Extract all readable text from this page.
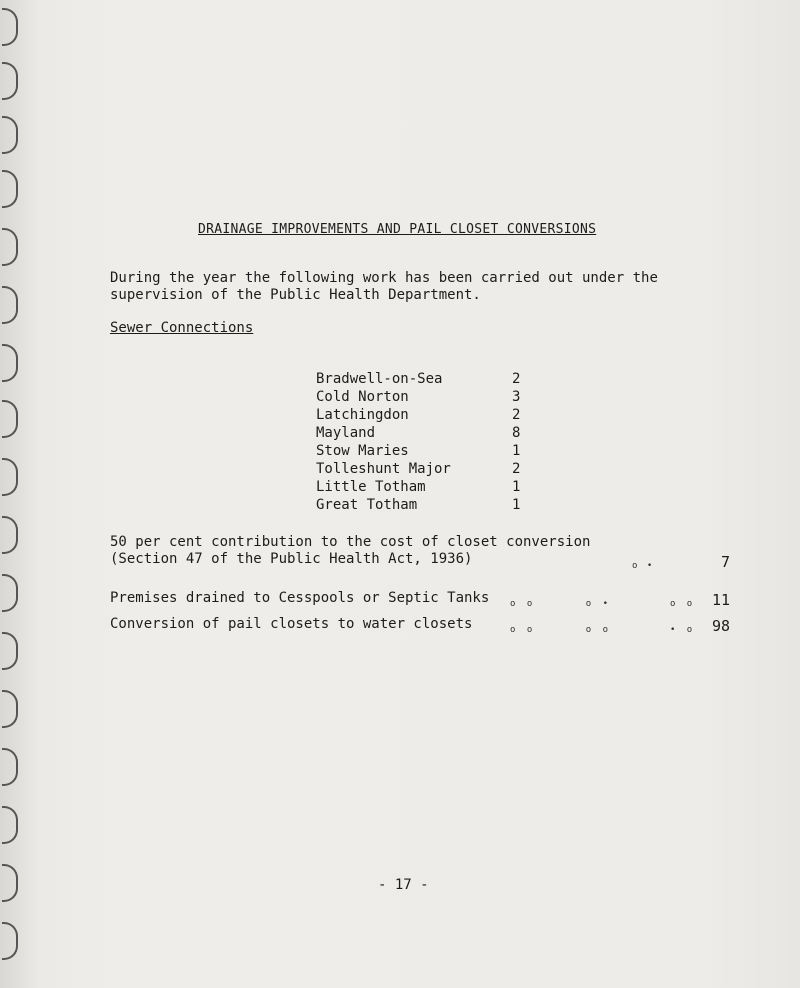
DRAINAGE IMPROVEMENTS AND PAIL CLOSET CONVERSIONS
During the year the following work has been carried out under the
supervision of the Public Health Department.
Sewer Connections
Bradwell-on-Sea	2
Cold Norton	3
Latchingdon	2
Mayland	8
Stow Maries	1
Tolleshunt Major	2
Little Totham	1
Great Totham	1
50 per cent contribution to the cost of closet conversion
(Section 47 of the Public Health Act, 1936)	o •	7
Premises drained to Cesspools or Septic Tanks	o o      o •       o o 11
Conversion of pail closets to water closets	o o      o o       • o 98
- 17 -
